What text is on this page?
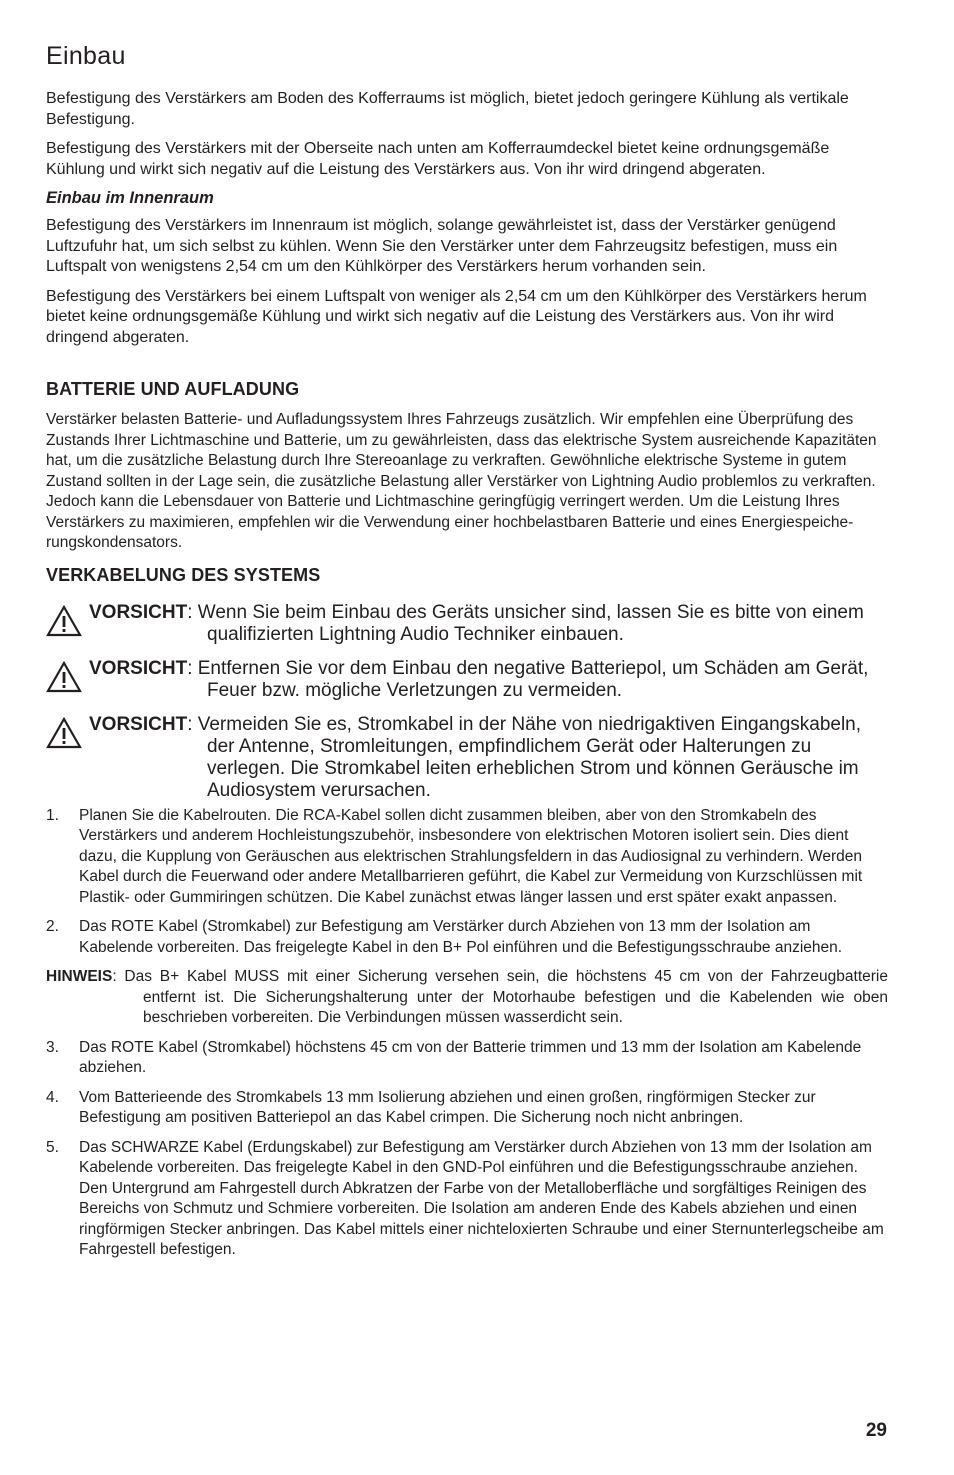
Einbau

Befestigung des Verstärkers am Boden des Kofferraums ist möglich, bietet jedoch geringere Kühlung als vertikale Befestigung.

Befestigung des Verstärkers mit der Oberseite nach unten am Kofferraumdeckel bietet keine ordnungsgemäße Kühlung und wirkt sich negativ auf die Leistung des Verstärkers aus. Von ihr wird dringend abgeraten.

Einbau im Innenraum

Befestigung des Verstärkers im Innenraum ist möglich, solange gewährleistet ist, dass der Verstärker genügend Luftzufuhr hat, um sich selbst zu kühlen. Wenn Sie den Verstärker unter dem Fahrzeugsitz befestigen, muss ein Luftspalt von wenigstens 2,54 cm um den Kühlkörper des Verstärkers herum vorhanden sein.

Befestigung des Verstärkers bei einem Luftspalt von weniger als 2,54 cm um den Kühlkörper des Verstärkers herum bietet keine ordnungsgemäße Kühlung und wirkt sich negativ auf die Leistung des Verstärkers aus. Von ihr wird dringend abgeraten.

BATTERIE UND AUFLADUNG

Verstärker belasten Batterie- und Aufladungssystem Ihres Fahrzeugs zusätzlich. Wir empfehlen eine Überprüfung des Zustands Ihrer Lichtmaschine und Batterie, um zu gewährleisten, dass das elektrische System ausreichende Kapazitäten hat, um die zusätzliche Belastung durch Ihre Stereoanlage zu verkraften. Gewöhnliche elektrische Systeme in gutem Zustand sollten in der Lage sein, die zusätzliche Belastung aller Verstärker von Lightning Audio problemlos zu verkraften. Jedoch kann die Lebensdauer von Batterie und Lichtmaschine geringfügig verringert werden. Um die Leistung Ihres Verstärkers zu maximieren, empfehlen wir die Verwendung einer hochbelastbaren Batterie und eines Energiespeiche-rungskondensators.

VERKABELUNG DES SYSTEMS
VORSICHT: Wenn Sie beim Einbau des Geräts unsicher sind, lassen Sie es bitte von einem qualifizierten Lightning Audio Techniker einbauen.
VORSICHT: Entfernen Sie vor dem Einbau den negative Batteriepol, um Schäden am Gerät, Feuer bzw. mögliche Verletzungen zu vermeiden.
VORSICHT: Vermeiden Sie es, Stromkabel in der Nähe von niedrigaktiven Eingangskabeln, der Antenne, Stromleitungen, empfindlichem Gerät oder Halterungen zu verlegen. Die Stromkabel leiten erheblichen Strom und können Geräusche im Audiosystem verursachen.
1. Planen Sie die Kabelrouten. Die RCA-Kabel sollen dicht zusammen bleiben, aber von den Stromkabeln des Verstärkers und anderem Hochleistungszubehör, insbesondere von elektrischen Motoren isoliert sein. Dies dient dazu, die Kupplung von Geräuschen aus elektrischen Strahlungsfeldern in das Audiosignal zu verhindern. Werden Kabel durch die Feuerwand oder andere Metallbarrieren geführt, die Kabel zur Vermeidung von Kurzschlüssen mit Plastik- oder Gummiringen schützen. Die Kabel zunächst etwas länger lassen und erst später exakt anpassen.
2. Das ROTE Kabel (Stromkabel) zur Befestigung am Verstärker durch Abziehen von 13 mm der Isolation am Kabelende vorbereiten. Das freigelegte Kabel in den B+ Pol einführen und die Befestigungsschraube anziehen.
HINWEIS: Das B+ Kabel MUSS mit einer Sicherung versehen sein, die höchstens 45 cm von der Fahrzeugbatterie entfernt ist. Die Sicherungshalterung unter der Motorhaube befestigen und die Kabelenden wie oben beschrieben vorbereiten. Die Verbindungen müssen wasserdicht sein.
3. Das ROTE Kabel (Stromkabel) höchstens 45 cm von der Batterie trimmen und 13 mm der Isolation am Kabelende abziehen.
4. Vom Batterieende des Stromkabels 13 mm Isolierung abziehen und einen großen, ringförmigen Stecker zur Befestigung am positiven Batteriepol an das Kabel crimpen. Die Sicherung noch nicht anbringen.
5. Das SCHWARZE Kabel (Erdungskabel) zur Befestigung am Verstärker durch Abziehen von 13 mm der Isolation am Kabelende vorbereiten. Das freigelegte Kabel in den GND-Pol einführen und die Befestigungsschraube anziehen. Den Untergrund am Fahrgestell durch Abkratzen der Farbe von der Metalloberfläche und sorgfältiges Reinigen des Bereichs von Schmutz und Schmiere vorbereiten. Die Isolation am anderen Ende des Kabels abziehen und einen ringförmigen Stecker anbringen. Das Kabel mittels einer nichteloxierten Schraube und einer Sternunterlegscheibe am Fahrgestell befestigen.
29
